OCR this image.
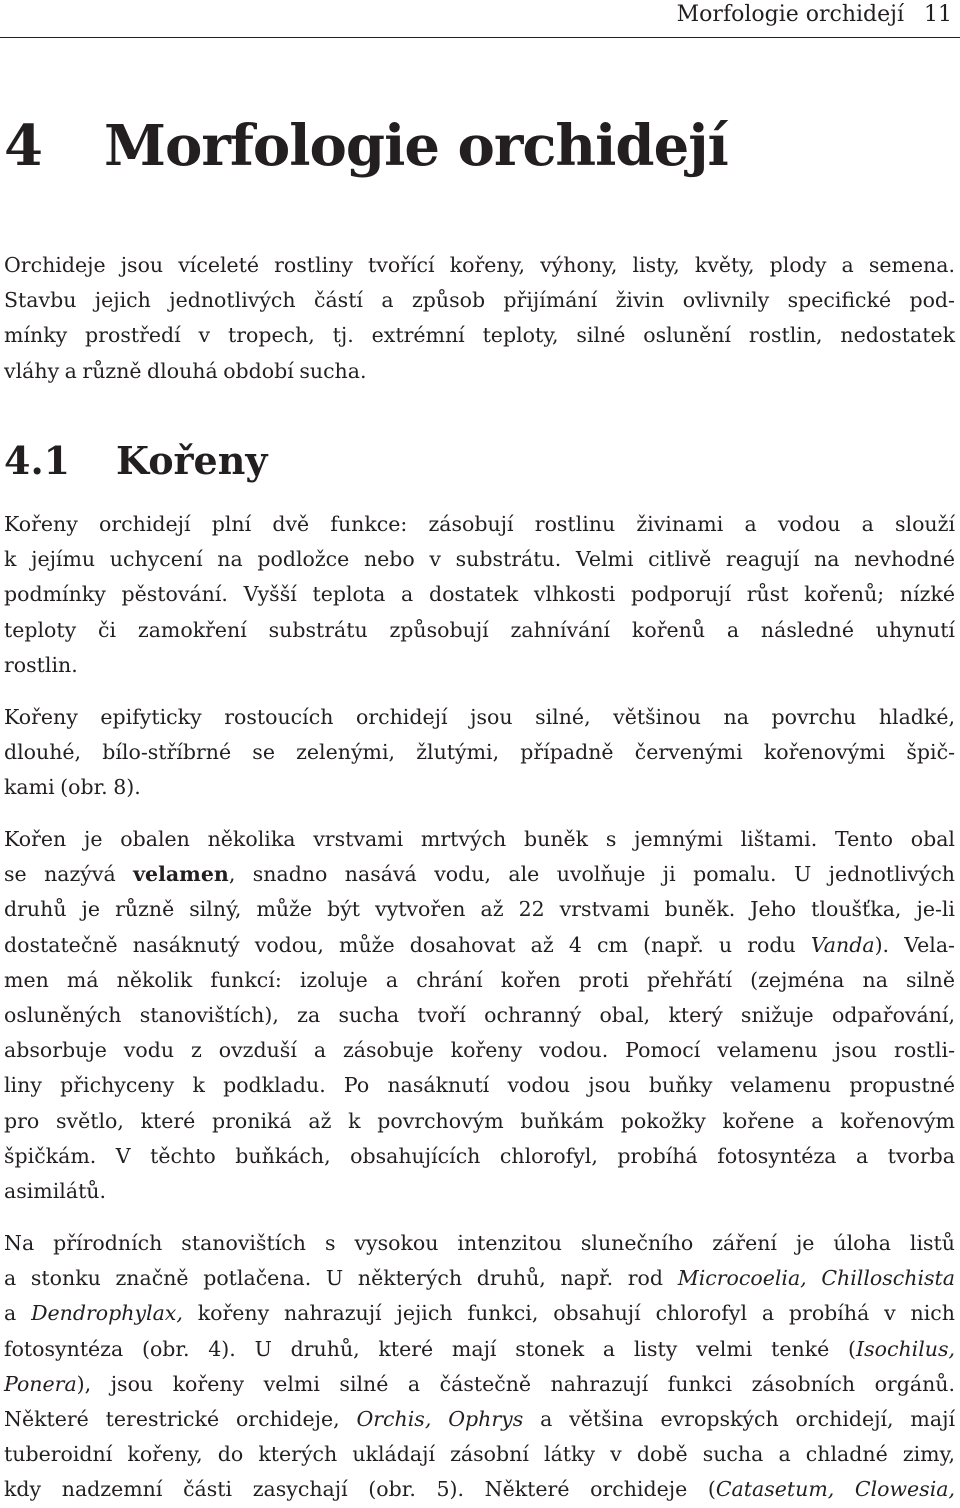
Morfologie orchidejí 11
4 Morfologie orchidejí
Orchideje jsou víceleté rostliny tvořící kořeny, výhony, listy, květy, plody a semena.
Stavbu jejich jednotlivých částí a způsob přijímání živin ovlivnily specifické pod-
mínky prostředí v tropech, tj. extrémní teploty, silné oslunění rostlin, nedostatek
vláhy a různě dlouhá období sucha.
4.1 Kořeny
Kořeny orchidejí plní dvě funkce: zásobují rostlinu živinami a vodou a slouží
k jejímu uchycení na podložce nebo v substrátu. Velmi citlivě reagují na nevhodné
podmínky pěstování. Vyšší teplota a dostatek vlhkosti podporují růst kořenů; nízké
teploty či zamokření substrátu způsobují zahnívání kořenů a následné uhynutí
rostlin.
Kořeny epifyticky rostoucích orchidejí jsou silné, většinou na povrchu hladké,
dlouhé, bílo-stříbrné se zelenými, žlutými, případně červenými kořenovými špič-
kami (obr. 8).
Kořen je obalen několika vrstvami mrtvých buněk s jemnými lištami. Tento obal
se nazývá velamen, snadno nasává vodu, ale uvolňuje ji pomalu. U jednotlivých
druhů je různě silný, může být vytvořen až 22 vrstvami buněk. Jeho tloušťka, je-li
dostatečně nasáknutý vodou, může dosahovat až 4 cm (např. u rodu Vanda). Vela-
men má několik funkcí: izoluje a chrání kořen proti přehřátí (zejména na silně
osluněných stanovištích), za sucha tvoří ochranný obal, který snižuje odpařování,
absorbuje vodu z ovzduší a zásobuje kořeny vodou. Pomocí velamenu jsou rostli-
liny přichyceny k podkladu. Po nasáknutí vodou jsou buňky velamenu propustné
pro světlo, které proniká až k povrchovým buňkám pokožky kořene a kořenovým
špičkám. V těchto buňkách, obsahujících chlorofyl, probíhá fotosyntéza a tvorba
asimilátů.
Na přírodních stanovištích s vysokou intenzitou slunečního záření je úloha listů
a stonku značně potlačena. U některých druhů, např. rod Microcoelia, Chilloschista
a Dendrophylax, kořeny nahrazují jejich funkci, obsahují chlorofyl a probíhá v nich
fotosyntéza (obr. 4). U druhů, které mají stonek a listy velmi tenké (Isochilus,
Ponera), jsou kořeny velmi silné a částečně nahrazují funkci zásobních orgánů.
Některé terestrické orchideje, Orchis, Ophrys a většina evropských orchidejí, mají
tuberoidní kořeny, do kterých ukládají zásobní látky v době sucha a chladné zimy,
kdy nadzemní části zasychají (obr. 5). Některé orchideje (Catasetum, Clowesia,
